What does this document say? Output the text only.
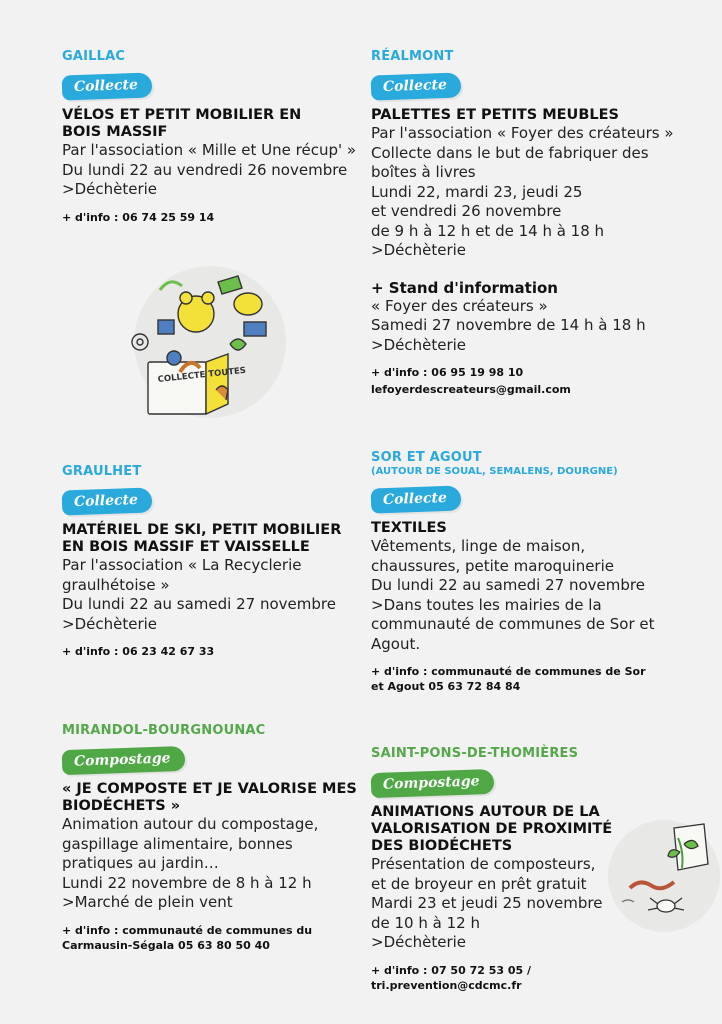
GAILLAC
Collecte
VÉLOS ET PETIT MOBILIER EN BOIS MASSIF
Par l'association « Mille et Une récup' »
Du lundi 22 au vendredi 26 novembre
>Déchèterie
+ d'info : 06 74 25 59 14
COLLECTE TOUTES
RÉALMONT
Collecte
PALETTES ET PETITS MEUBLES
Par l'association « Foyer des créateurs »
Collecte dans le but de fabriquer des
boîtes à livres
Lundi 22, mardi 23, jeudi 25
et vendredi 26 novembre
de 9 h à 12 h et de 14 h à 18 h
>Déchèterie
+ Stand d'information
« Foyer des créateurs »
Samedi 27 novembre de 14 h à 18 h
>Déchèterie
+ d'info : 06 95 19 98 10
lefoyerdescreateurs@gmail.com
GRAULHET
Collecte
MATÉRIEL DE SKI, PETIT MOBILIER EN BOIS MASSIF ET VAISSELLE
Par l'association « La Recyclerie
graulhétoise »
Du lundi 22 au samedi 27 novembre
>Déchèterie
+ d'info : 06 23 42 67 33
SOR ET AGOUT
(AUTOUR DE SOUAL, SEMALENS, DOURGNE)
Collecte
TEXTILES
Vêtements, linge de maison,
chaussures, petite maroquinerie
Du lundi 22 au samedi 27 novembre
>Dans toutes les mairies de la
communauté de communes de Sor et
Agout.
+ d'info : communauté de communes de Sor
et Agout 05 63 72 84 84
MIRANDOL-BOURGNOUNAC
Compostage
« JE COMPOSTE ET JE VALORISE MES BIODÉCHETS »
Animation autour du compostage,
gaspillage alimentaire, bonnes
pratiques au jardin…
Lundi 22 novembre de 8 h à 12 h
>Marché de plein vent
+ d'info : communauté de communes du
Carmausin-Ségala 05 63 80 50 40
SAINT-PONS-DE-THOMIÈRES
Compostage
ANIMATIONS AUTOUR DE LA VALORISATION DE PROXIMITÉ DES BIODÉCHETS
Présentation de composteurs,
et de broyeur en prêt gratuit
Mardi 23 et jeudi 25 novembre
de 10 h à 12 h
>Déchèterie
+ d'info : 07 50 72 53 05 / tri.prevention@cdcmc.fr
